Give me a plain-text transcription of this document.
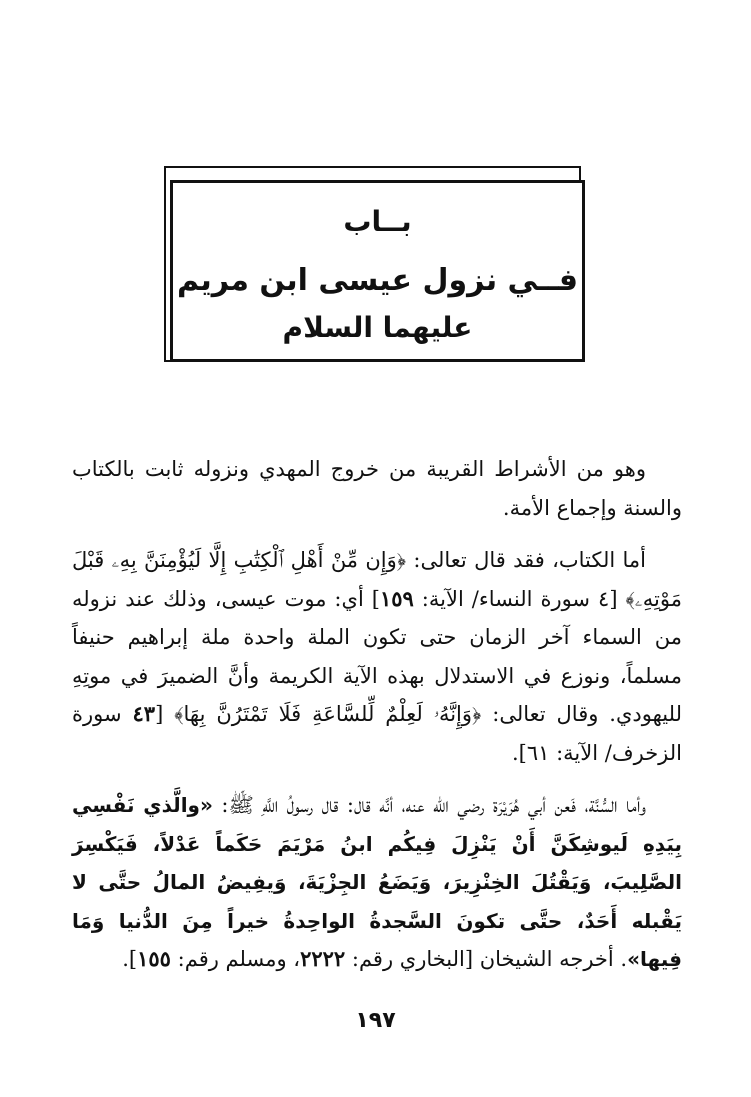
بــاب
فــي نزول عيسى ابن مريم
عليهما السلام

وهو من الأشراط القريبة من خروج المهدي ونزوله ثابت بالكتاب والسنة وإجماع الأمة.

أما الكتاب، فقد قال تعالى: ﴿وَإِن مِّنْ أَهْلِ ٱلْكِتَٰبِ إِلَّا لَيُؤْمِنَنَّ بِهِۦ قَبْلَ مَوْتِهِۦ﴾ [٤ سورة النساء/ الآية: ١٥٩] أي: موت عيسى، وذلك عند نزوله من السماء آخر الزمان حتى تكون الملة واحدة ملة إبراهيم حنيفاً مسلماً، ونوزع في الاستدلال بهذه الآية الكريمة وأنَّ الضميرَ في موتِهِ لليهودي. وقال تعالى: ﴿وَإِنَّهُۥ لَعِلْمٌ لِّلسَّاعَةِ فَلَا تَمْتَرُنَّ بِهَا﴾ [٤٣ سورة الزخرف/ الآية: ٦١].

وأما السُّنَّة، فَعن أبي هُرَيْرَة رضي الله عنه، أنَّه قال: قال رسولُ اللَّهِ ﷺ: «والَّذي نَفْسِي بِيَدِهِ لَيوشِكَنَّ أَنْ يَنْزِلَ فِيكُم ابنُ مَرْيَمَ حَكَماً عَدْلاً، فَيَكْسِرَ الصَّلِيبَ، وَيَقْتُلَ الخِنْزِيرَ، وَيَضَعُ الجِزْيَةَ، وَيفِيضُ المالُ حتَّى لا يَقْبله أَحَدٌ، حتَّى تكونَ السَّجدةُ الواحِدةُ خيراً مِنَ الدُّنيا وَمَا فِيها». أخرجه الشيخان [البخاري رقم: ٢٢٢٢، ومسلم رقم: ١٥٥].

١٩٧
